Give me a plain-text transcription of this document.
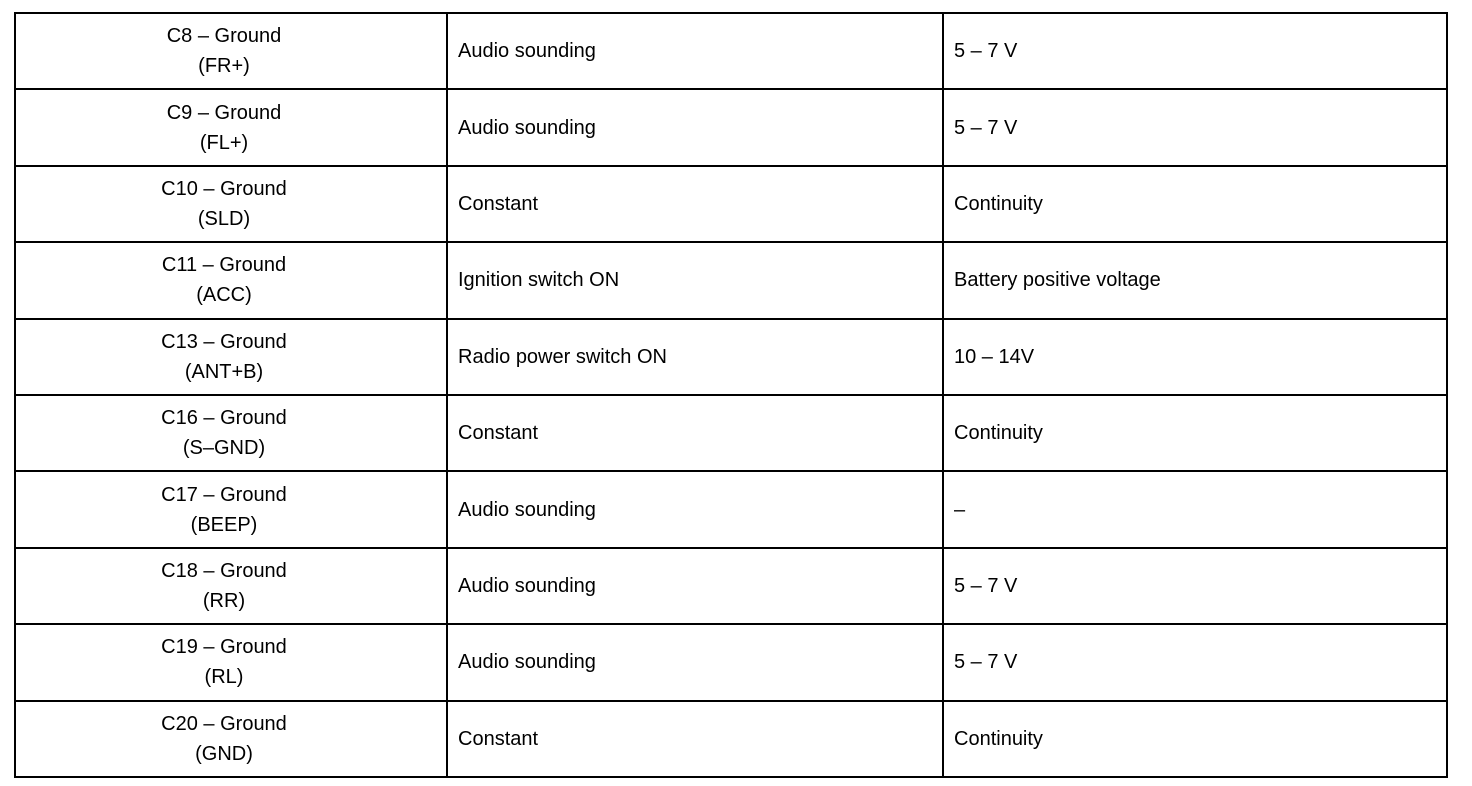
C8 – Ground
(FR+)	Audio sounding	5 – 7 V

C9 – Ground
(FL+)	Audio sounding	5 – 7 V

C10 – Ground
(SLD)	Constant	Continuity

C11 – Ground
(ACC)	Ignition switch ON	Battery positive voltage

C13 – Ground
(ANT+B)	Radio power switch ON	10 – 14V

C16 – Ground
(S–GND)	Constant	Continuity

C17 – Ground
(BEEP)	Audio sounding	–

C18 – Ground
(RR)	Audio sounding	5 – 7 V

C19 – Ground
(RL)	Audio sounding	5 – 7 V

C20 – Ground
(GND)	Constant	Continuity
